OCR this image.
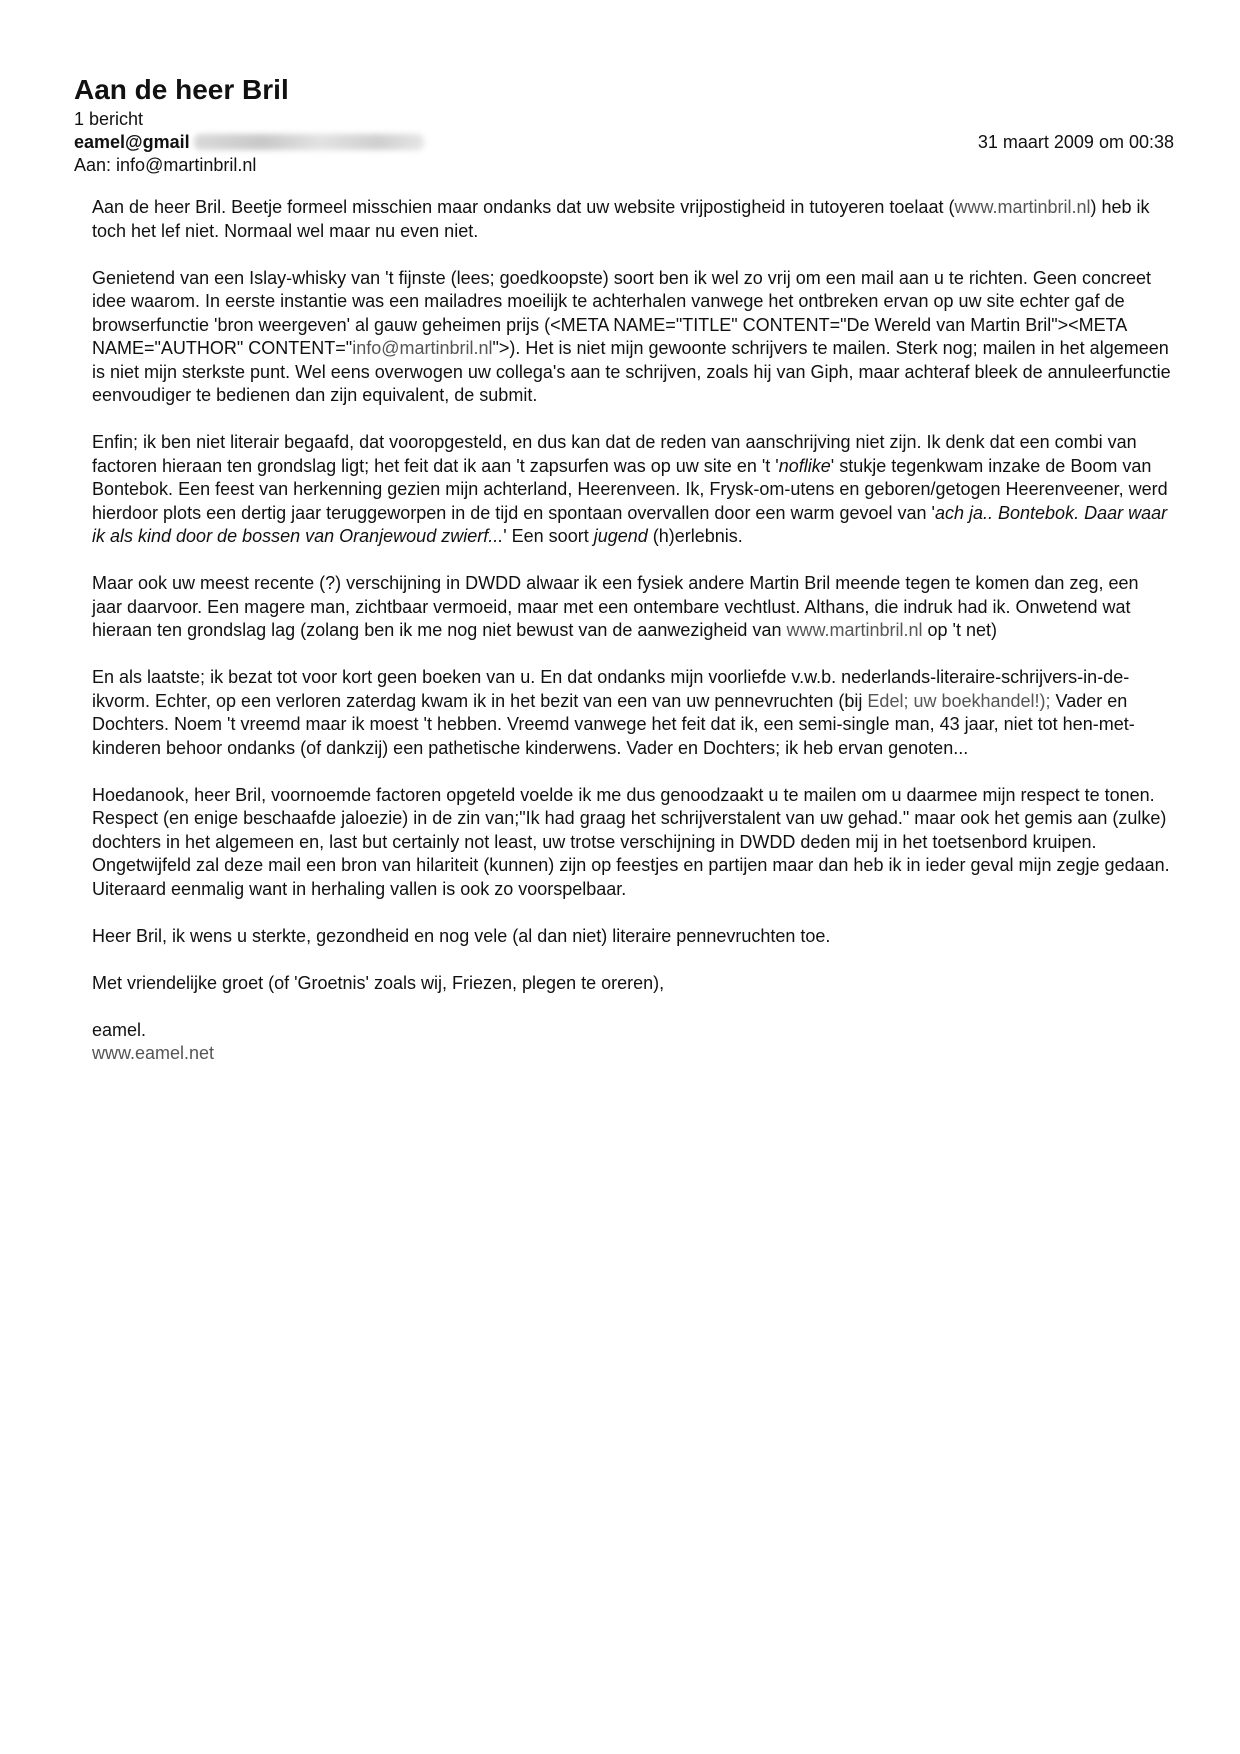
Aan de heer Bril
1 bericht
eamel@gmail	31 maart 2009 om 00:38
Aan: info@martinbril.nl

Aan de heer Bril. Beetje formeel misschien maar ondanks dat uw website vrijpostigheid in tutoyeren toelaat (www.martinbril.nl) heb ik toch het lef niet. Normaal wel maar nu even niet.

Genietend van een Islay-whisky van 't fijnste (lees; goedkoopste) soort ben ik wel zo vrij om een mail aan u te richten. Geen concreet idee waarom. In eerste instantie was een mailadres moeilijk te achterhalen vanwege het ontbreken ervan op uw site echter gaf de browserfunctie 'bron weergeven' al gauw geheimen prijs (<META NAME="TITLE" CONTENT="De Wereld van Martin Bril"><META NAME="AUTHOR" CONTENT="info@martinbril.nl">). Het is niet mijn gewoonte schrijvers te mailen. Sterk nog; mailen in het algemeen is niet mijn sterkste punt. Wel eens overwogen uw collega's aan te schrijven, zoals hij van Giph, maar achteraf bleek de annuleerfunctie eenvoudiger te bedienen dan zijn equivalent, de submit.

Enfin; ik ben niet literair begaafd, dat vooropgesteld, en dus kan dat de reden van aanschrijving niet zijn. Ik denk dat een combi van factoren hieraan ten grondslag ligt; het feit dat ik aan 't zapsurfen was op uw site en 't 'noflike' stukje tegenkwam inzake de Boom van Bontebok. Een feest van herkenning gezien mijn achterland, Heerenveen. Ik, Frysk-om-utens en geboren/getogen Heerenveener, werd hierdoor plots een dertig jaar teruggeworpen in de tijd en spontaan overvallen door een warm gevoel van 'ach ja.. Bontebok. Daar waar ik als kind door de bossen van Oranjewoud zwierf...' Een soort jugend (h)erlebnis.

Maar ook uw meest recente (?) verschijning in DWDD alwaar ik een fysiek andere Martin Bril meende tegen te komen dan zeg, een jaar daarvoor. Een magere man, zichtbaar vermoeid, maar met een ontembare vechtlust. Althans, die indruk had ik. Onwetend wat hieraan ten grondslag lag (zolang ben ik me nog niet bewust van de aanwezigheid van www.martinbril.nl op 't net)

En als laatste; ik bezat tot voor kort geen boeken van u. En dat ondanks mijn voorliefde v.w.b. nederlands-literaire-schrijvers-in-de-ikvorm. Echter, op een verloren zaterdag kwam ik in het bezit van een van uw pennevruchten (bij Edel; uw boekhandel!); Vader en Dochters. Noem 't vreemd maar ik moest 't hebben. Vreemd vanwege het feit dat ik, een semi-single man, 43 jaar, niet tot hen-met-kinderen behoor ondanks (of dankzij) een pathetische kinderwens. Vader en Dochters; ik heb ervan genoten...

Hoedanook, heer Bril, voornoemde factoren opgeteld voelde ik me dus genoodzaakt u te mailen om u daarmee mijn respect te tonen. Respect (en enige beschaafde jaloezie) in de zin van;"Ik had graag het schrijverstalent van uw gehad." maar ook het gemis aan (zulke) dochters in het algemeen en, last but certainly not least, uw trotse verschijning in DWDD deden mij in het toetsenbord kruipen. Ongetwijfeld zal deze mail een bron van hilariteit (kunnen) zijn op feestjes en partijen maar dan heb ik in ieder geval mijn zegje gedaan. Uiteraard eenmalig want in herhaling vallen is ook zo voorspelbaar.

Heer Bril, ik wens u sterkte, gezondheid en nog vele (al dan niet) literaire pennevruchten toe.

Met vriendelijke groet (of 'Groetnis' zoals wij, Friezen, plegen te oreren),

eamel.

www.eamel.net
